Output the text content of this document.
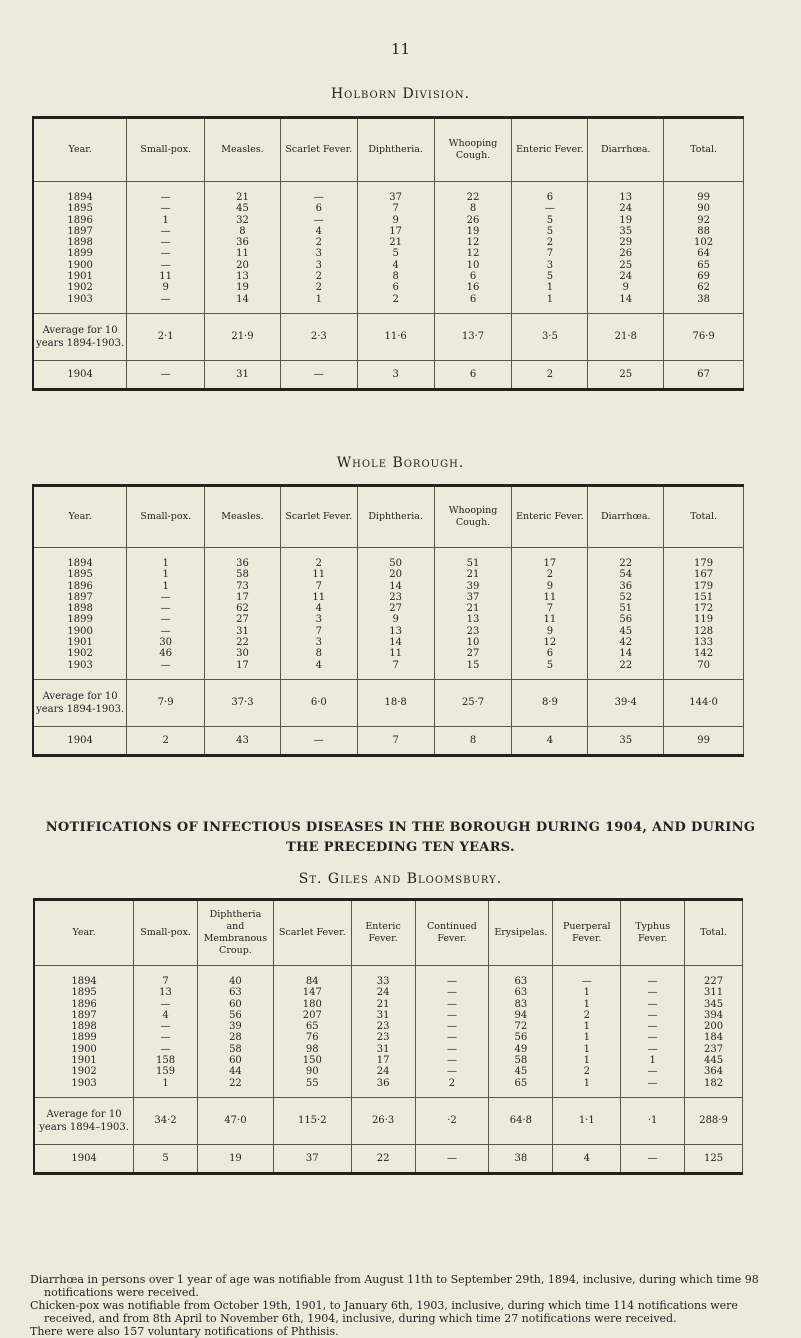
11
Holborn Division.
Year.	Small-pox.	Measles.	Scarlet Fever.	Diphtheria.	Whooping Cough.	Enteric Fever.	Diarrhœa.	Total.
1894	—	21	—	37	22	6	13	99
1895	—	45	6	7	8	—	24	90
1896	1	32	—	9	26	5	19	92
1897	—	8	4	17	19	5	35	88
1898	—	36	2	21	12	2	29	102
1899	—	11	3	5	12	7	26	64
1900	—	20	3	4	10	3	25	65
1901	11	13	2	8	6	5	24	69
1902	9	19	2	6	16	1	9	62
1903	—	14	1	2	6	1	14	38
Average for 10 years 1894-1903.	2·1	21·9	2·3	11·6	13·7	3·5	21·8	76·9
1904	—	31	—	3	6	2	25	67
Whole Borough.
Year.	Small-pox.	Measles.	Scarlet Fever.	Diphtheria.	Whooping Cough.	Enteric Fever.	Diarrhœa.	Total.
1894	1	36	2	50	51	17	22	179
1895	1	58	11	20	21	2	54	167
1896	1	73	7	14	39	9	36	179
1897	—	17	11	23	37	11	52	151
1898	—	62	4	27	21	7	51	172
1899	—	27	3	9	13	11	56	119
1900	—	31	7	13	23	9	45	128
1901	30	22	3	14	10	12	42	133
1902	46	30	8	11	27	6	14	142
1903	—	17	4	7	15	5	22	70
Average for 10 years 1894-1903.	7·9	37·3	6·0	18·8	25·7	8·9	39·4	144·0
1904	2	43	—	7	8	4	35	99
NOTIFICATIONS OF INFECTIOUS DISEASES IN THE BOROUGH DURING 1904, AND DURING THE PRECEDING TEN YEARS.
St. Giles and Bloomsbury.
Year.	Small-pox.	Diphtheria and Membranous Croup.	Scarlet Fever.	Enteric Fever.	Continued Fever.	Erysipelas.	Puerperal Fever.	Typhus Fever.	Total.
1894	7	40	84	33	—	63	—	—	227
1895	13	63	147	24	—	63	1	—	311
1896	—	60	180	21	—	83	1	—	345
1897	4	56	207	31	—	94	2	—	394
1898	—	39	65	23	—	72	1	—	200
1899	—	28	76	23	—	56	1	—	184
1900	—	58	98	31	—	49	1	—	237
1901	158	60	150	17	—	58	1	1	445
1902	159	44	90	24	—	45	2	—	364
1903	1	22	55	36	2	65	1	—	182
Average for 10 years 1894–1903.	34·2	47·0	115·2	26·3	·2	64·8	1·1	·1	288·9
1904	5	19	37	22	—	38	4	—	125

Diarrhœa in persons over 1 year of age was notifiable from August 11th to September 29th, 1894, inclusive, during which time 98 notifications were received.

Chicken-pox was notifiable from October 19th, 1901, to January 6th, 1903, inclusive, during which time 114 notifications were received, and from 8th April to November 6th, 1904, inclusive, during which time 27 notifications were received.

There were also 157 voluntary notifications of Phthisis.
